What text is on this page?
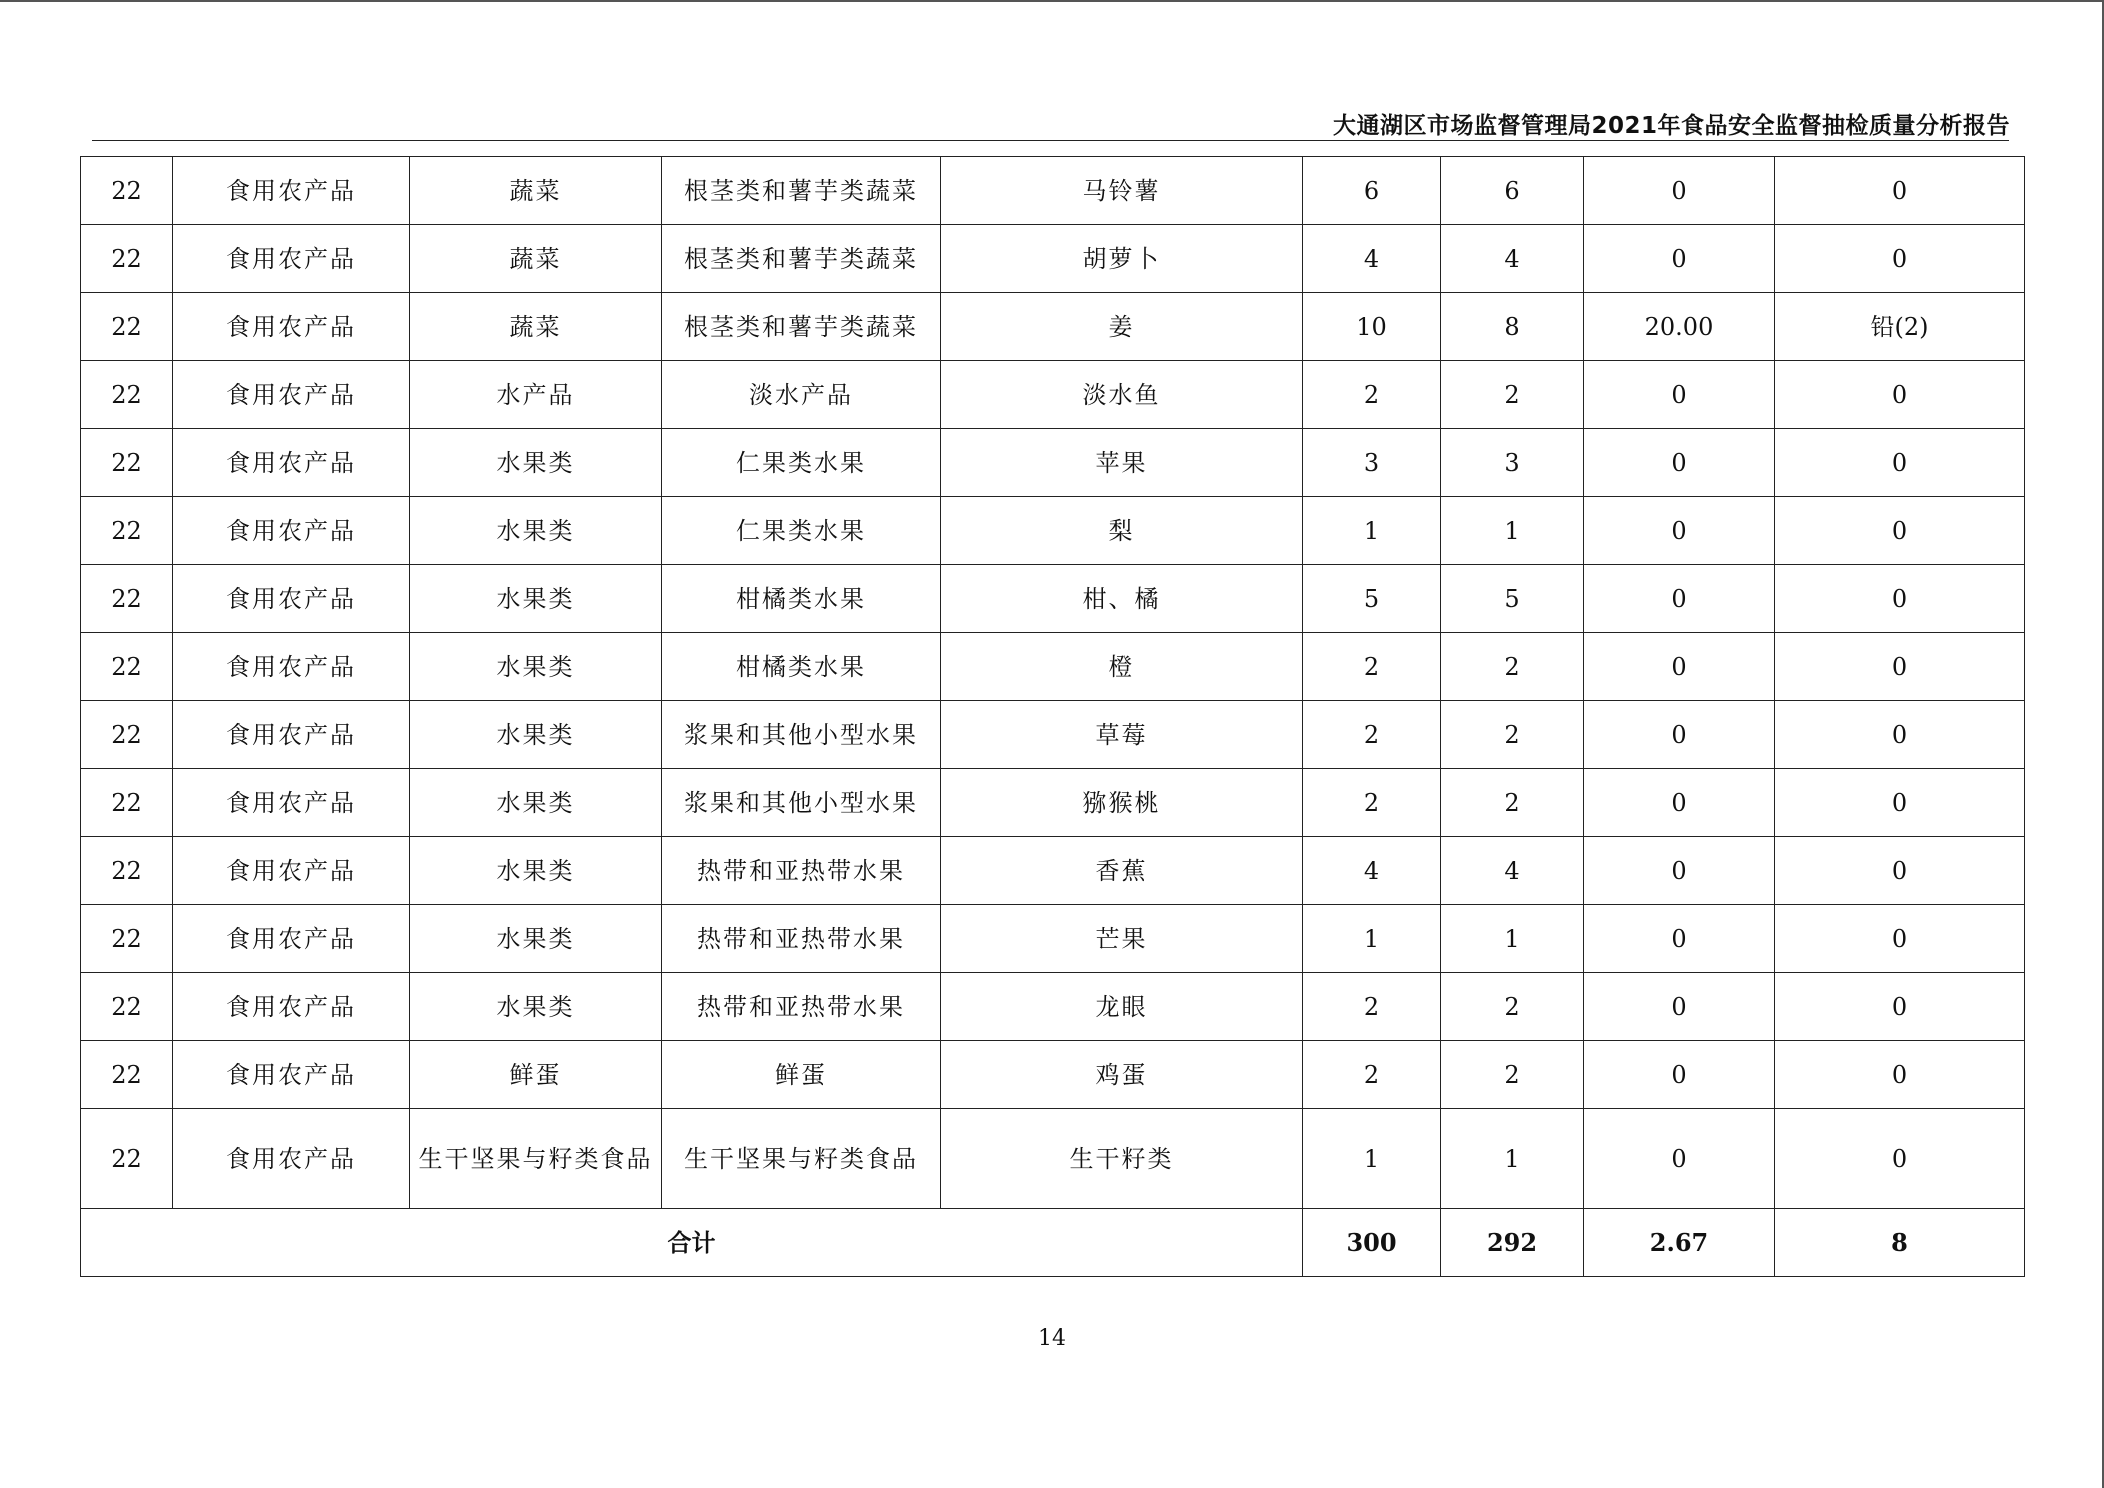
大通湖区市场监督管理局2021年食品安全监督抽检质量分析报告
22	食用农产品	蔬菜	根茎类和薯芋类蔬菜	马铃薯	6	6	0	0
22	食用农产品	蔬菜	根茎类和薯芋类蔬菜	胡萝卜	4	4	0	0
22	食用农产品	蔬菜	根茎类和薯芋类蔬菜	姜	10	8	20.00	铅(2)
22	食用农产品	水产品	淡水产品	淡水鱼	2	2	0	0
22	食用农产品	水果类	仁果类水果	苹果	3	3	0	0
22	食用农产品	水果类	仁果类水果	梨	1	1	0	0
22	食用农产品	水果类	柑橘类水果	柑、橘	5	5	0	0
22	食用农产品	水果类	柑橘类水果	橙	2	2	0	0
22	食用农产品	水果类	浆果和其他小型水果	草莓	2	2	0	0
22	食用农产品	水果类	浆果和其他小型水果	猕猴桃	2	2	0	0
22	食用农产品	水果类	热带和亚热带水果	香蕉	4	4	0	0
22	食用农产品	水果类	热带和亚热带水果	芒果	1	1	0	0
22	食用农产品	水果类	热带和亚热带水果	龙眼	2	2	0	0
22	食用农产品	鲜蛋	鲜蛋	鸡蛋	2	2	0	0
22	食用农产品	生干坚果与籽类食品	生干坚果与籽类食品	生干籽类	1	1	0	0
合计					300	292	2.67	8
14
